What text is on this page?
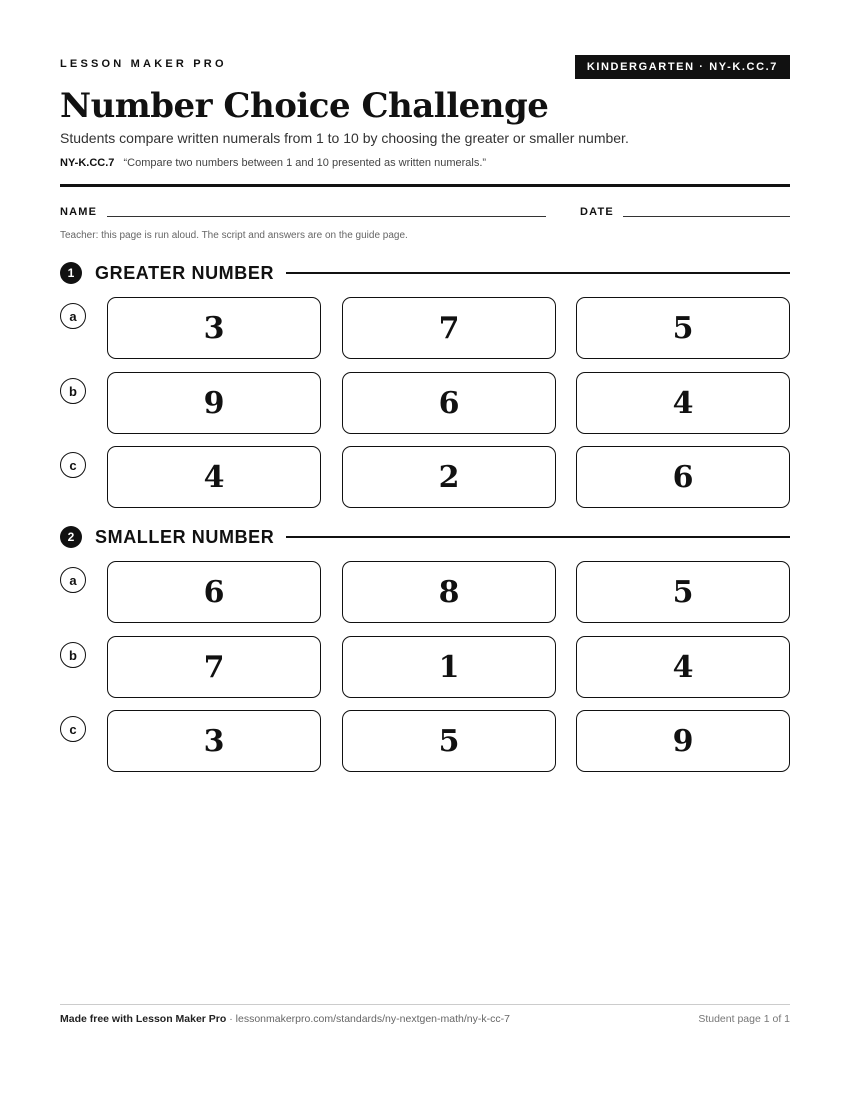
LESSON MAKER PRO	KINDERGARTEN · NY-K.CC.7
Number Choice Challenge
Students compare written numerals from 1 to 10 by choosing the greater or smaller number.
NY-K.CC.7 “Compare two numbers between 1 and 10 presented as written numerals.”
NAME	DATE
Teacher: this page is run aloud. The script and answers are on the guide page.
1	GREATER NUMBER
a	3	7	5
b	9	6	4
c	4	2	6
2	SMALLER NUMBER
a	6	8	5
b	7	1	4
c	3	5	9
Made free with Lesson Maker Pro · lessonmakerpro.com/standards/ny-nextgen-math/ny-k-cc-7	Student page 1 of 1
